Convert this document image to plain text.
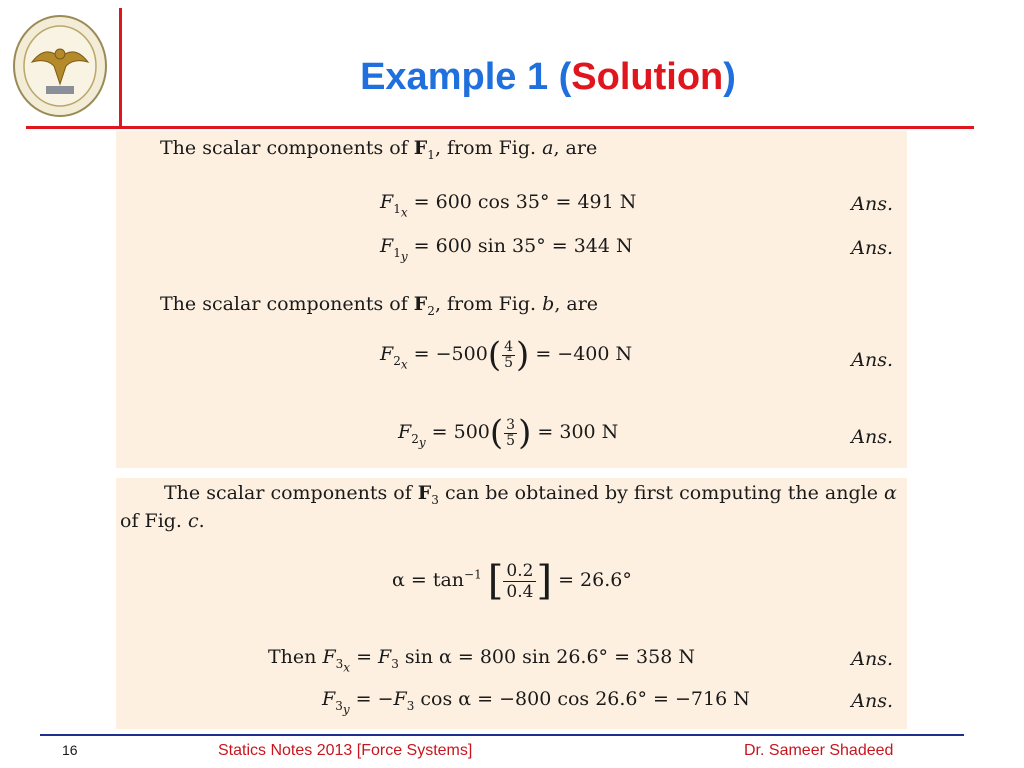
Example 1 (Solution)
The scalar components of $F_1$, from Fig. a, are
$F_{1_x} = 600$ cos 35° = 491 N	Ans.
$F_{1_y} = 600$ sin 35° = 344 N	Ans.
The scalar components of $F_2$, from Fig. b, are
$F_{2_x} = -500( \frac{4}{5}$ ) = −400 N	Ans.
$F_{2_y} = 500( \frac{3}{5}$ ) = 300 N	Ans.
The scalar components of $F_3$ can be obtained by first computing the angle α
of Fig. c.
$\alpha = \tan^{-1}$ [ $\frac{0.2}{0.4}$ ] = 26.6°
Then $F_{3_x} = F_3$ sin α = 800 sin 26.6° = 358 N	Ans.
$F_{3_y} = -F_3$ cos α = −800 cos 26.6° = −716 N	Ans.
16	Statics Notes 2013 [Force Systems]	Dr. Sameer Shadeed
